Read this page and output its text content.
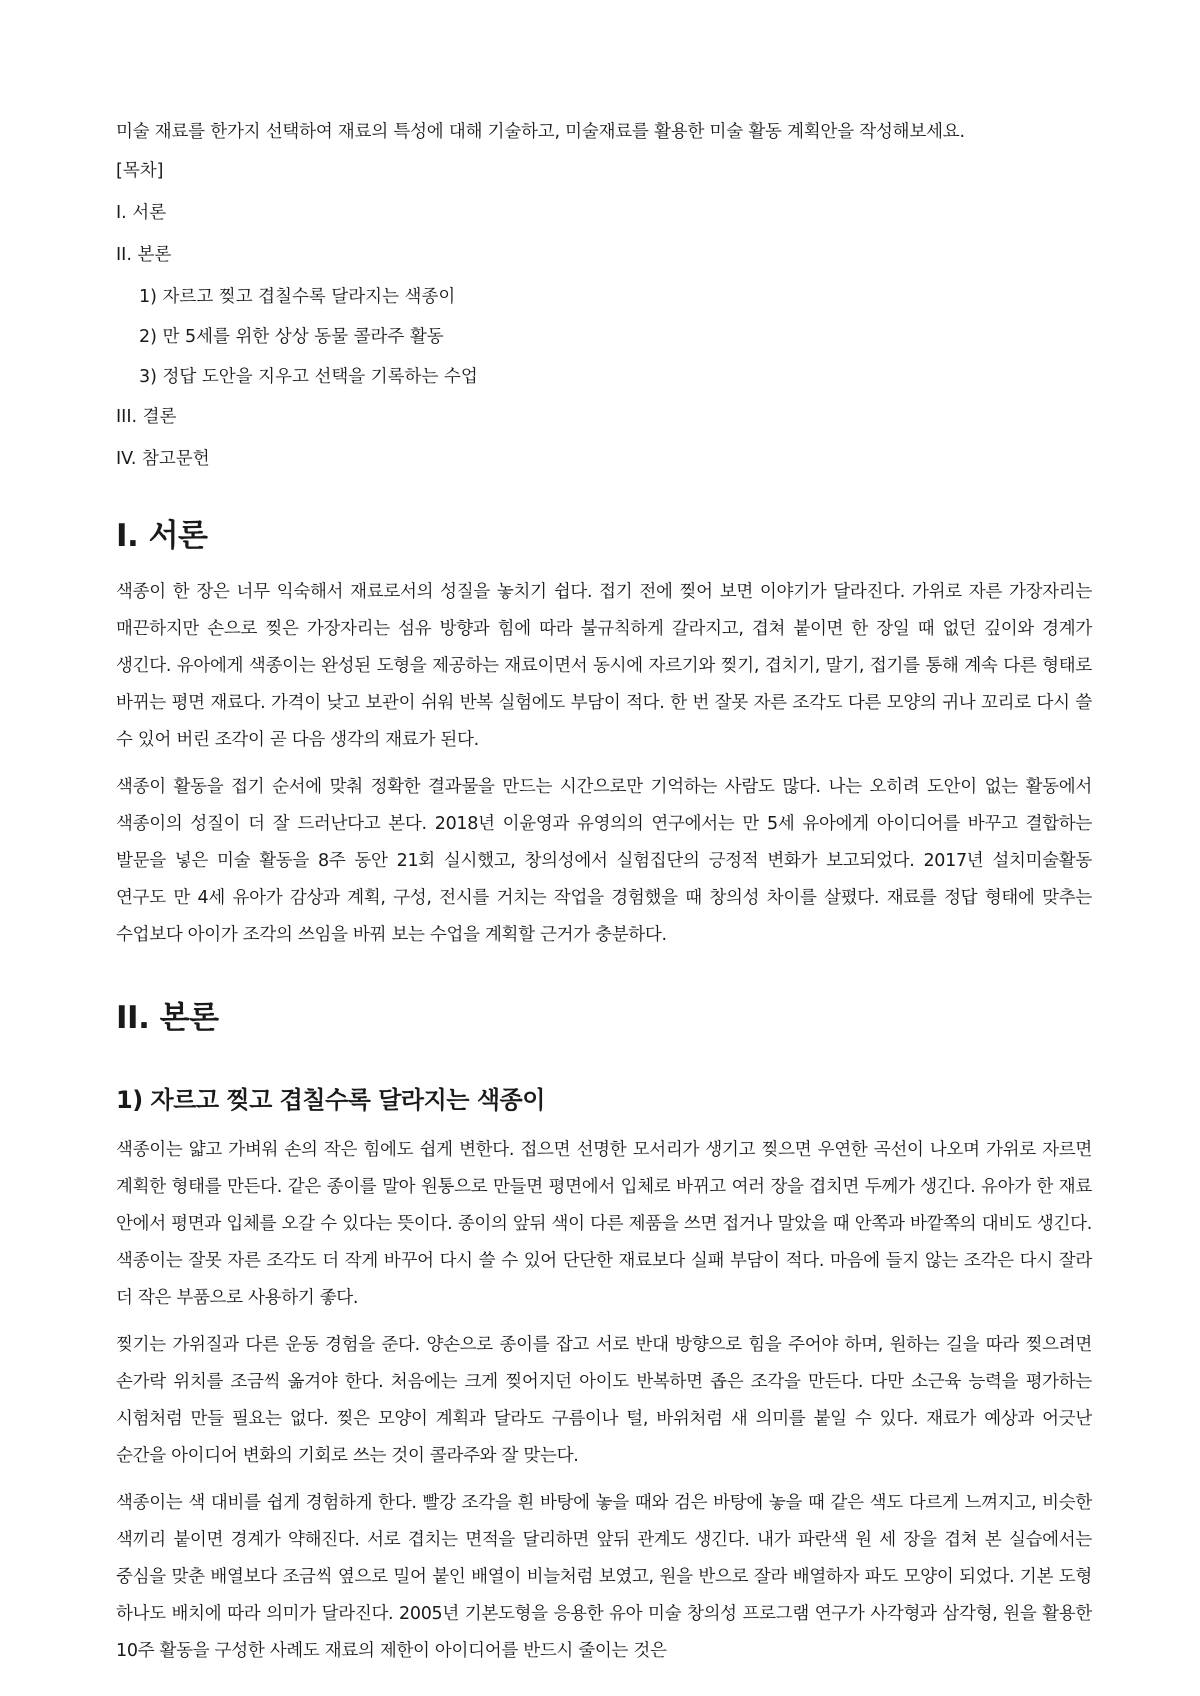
미술 재료를 한가지 선택하여 재료의 특성에 대해 기술하고, 미술재료를 활용한 미술 활동 계획안을 작성해보세요.

[목차]

I. 서론

II. 본론

1) 자르고 찢고 겹칠수록 달라지는 색종이

2) 만 5세를 위한 상상 동물 콜라주 활동

3) 정답 도안을 지우고 선택을 기록하는 수업

III. 결론

IV. 참고문헌

I. 서론

색종이 한 장은 너무 익숙해서 재료로서의 성질을 놓치기 쉽다. 접기 전에 찢어 보면 이야기가 달라진다. 가위로 자른 가장자리는 매끈하지만 손으로 찢은 가장자리는 섬유 방향과 힘에 따라 불규칙하게 갈라지고, 겹쳐 붙이면 한 장일 때 없던 깊이와 경계가 생긴다. 유아에게 색종이는 완성된 도형을 제공하는 재료이면서 동시에 자르기와 찢기, 겹치기, 말기, 접기를 통해 계속 다른 형태로 바뀌는 평면 재료다. 가격이 낮고 보관이 쉬워 반복 실험에도 부담이 적다. 한 번 잘못 자른 조각도 다른 모양의 귀나 꼬리로 다시 쓸 수 있어 버린 조각이 곧 다음 생각의 재료가 된다.

색종이 활동을 접기 순서에 맞춰 정확한 결과물을 만드는 시간으로만 기억하는 사람도 많다. 나는 오히려 도안이 없는 활동에서 색종이의 성질이 더 잘 드러난다고 본다. 2018년 이윤영과 유영의의 연구에서는 만 5세 유아에게 아이디어를 바꾸고 결합하는 발문을 넣은 미술 활동을 8주 동안 21회 실시했고, 창의성에서 실험집단의 긍정적 변화가 보고되었다. 2017년 설치미술활동 연구도 만 4세 유아가 감상과 계획, 구성, 전시를 거치는 작업을 경험했을 때 창의성 차이를 살폈다. 재료를 정답 형태에 맞추는 수업보다 아이가 조각의 쓰임을 바꿔 보는 수업을 계획할 근거가 충분하다.

II. 본론
1) 자르고 찢고 겹칠수록 달라지는 색종이

색종이는 얇고 가벼워 손의 작은 힘에도 쉽게 변한다. 접으면 선명한 모서리가 생기고 찢으면 우연한 곡선이 나오며 가위로 자르면 계획한 형태를 만든다. 같은 종이를 말아 원통으로 만들면 평면에서 입체로 바뀌고 여러 장을 겹치면 두께가 생긴다. 유아가 한 재료 안에서 평면과 입체를 오갈 수 있다는 뜻이다. 종이의 앞뒤 색이 다른 제품을 쓰면 접거나 말았을 때 안쪽과 바깥쪽의 대비도 생긴다. 색종이는 잘못 자른 조각도 더 작게 바꾸어 다시 쓸 수 있어 단단한 재료보다 실패 부담이 적다. 마음에 들지 않는 조각은 다시 잘라 더 작은 부품으로 사용하기 좋다.

찢기는 가위질과 다른 운동 경험을 준다. 양손으로 종이를 잡고 서로 반대 방향으로 힘을 주어야 하며, 원하는 길을 따라 찢으려면 손가락 위치를 조금씩 옮겨야 한다. 처음에는 크게 찢어지던 아이도 반복하면 좁은 조각을 만든다. 다만 소근육 능력을 평가하는 시험처럼 만들 필요는 없다. 찢은 모양이 계획과 달라도 구름이나 털, 바위처럼 새 의미를 붙일 수 있다. 재료가 예상과 어긋난 순간을 아이디어 변화의 기회로 쓰는 것이 콜라주와 잘 맞는다.

색종이는 색 대비를 쉽게 경험하게 한다. 빨강 조각을 흰 바탕에 놓을 때와 검은 바탕에 놓을 때 같은 색도 다르게 느껴지고, 비슷한 색끼리 붙이면 경계가 약해진다. 서로 겹치는 면적을 달리하면 앞뒤 관계도 생긴다. 내가 파란색 원 세 장을 겹쳐 본 실습에서는 중심을 맞춘 배열보다 조금씩 옆으로 밀어 붙인 배열이 비늘처럼 보였고, 원을 반으로 잘라 배열하자 파도 모양이 되었다. 기본 도형 하나도 배치에 따라 의미가 달라진다. 2005년 기본도형을 응용한 유아 미술 창의성 프로그램 연구가 사각형과 삼각형, 원을 활용한 10주 활동을 구성한 사례도 재료의 제한이 아이디어를 반드시 줄이는 것은
